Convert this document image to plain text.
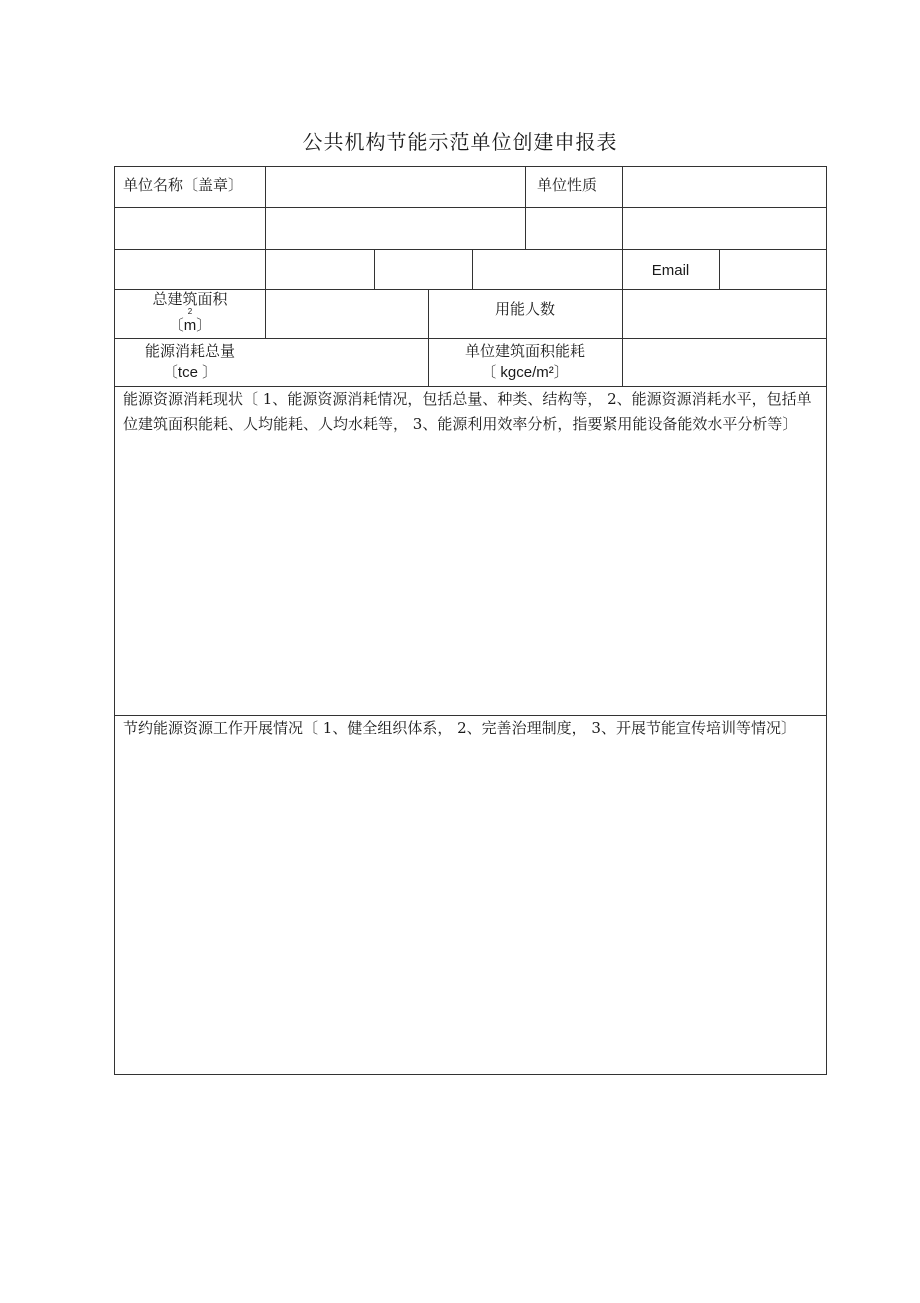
公共机构节能示范单位创建申报表
单位名称〔盖章〕	单位性质
Email
总建筑面积
2
〔m〕
用能人数
能源消耗总量
〔tce 〕
单位建筑面积能耗
〔 kgce/m²〕
能源资源消耗现状〔 1、能源资源消耗情况，包括总量、种类、结构等， 2、能源资源消耗水平，包括单位建筑面积能耗、人均能耗、人均水耗等， 3、能源利用效率分析，指要紧用能设备能效水平分析等〕
节约能源资源工作开展情况〔 1、健全组织体系， 2、完善治理制度， 3、开展节能宣传培训等情况〕
